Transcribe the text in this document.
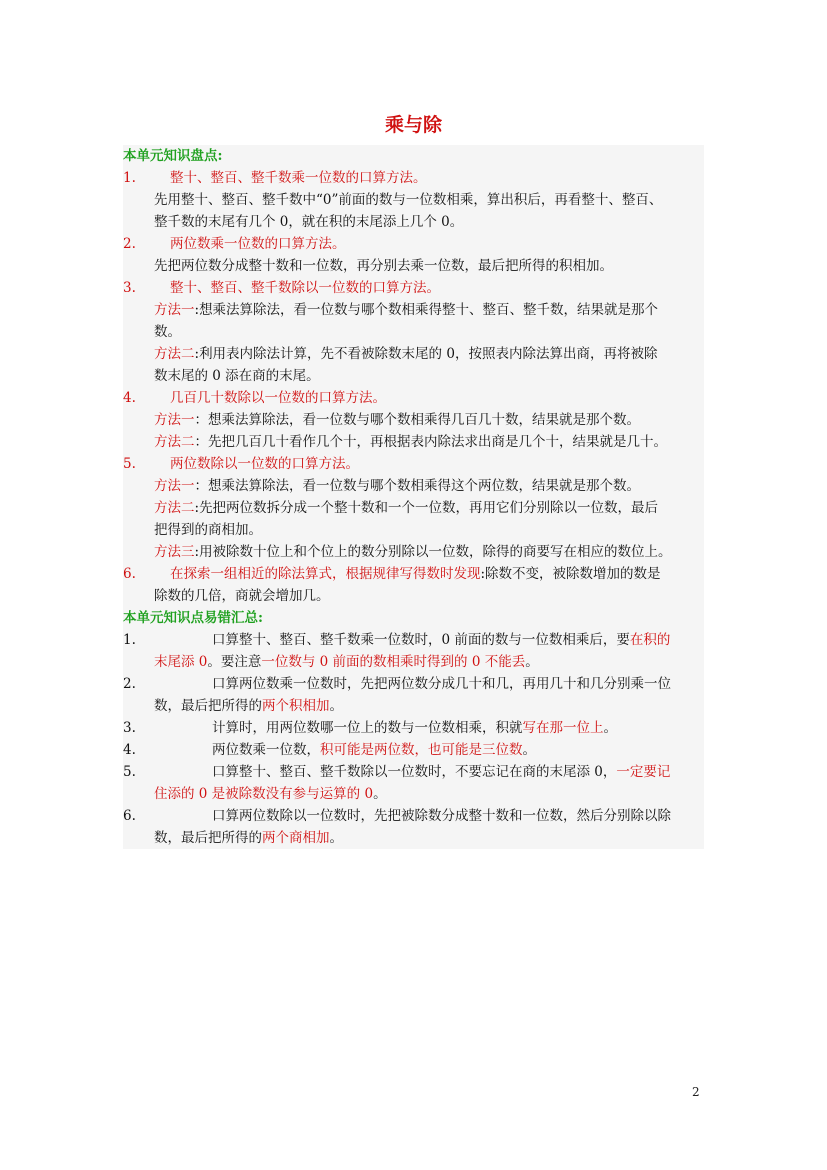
乘与除
本单元知识盘点:
1.	整十、整百、整千数乘一位数的口算方法。
先用整十、整百、整千数中“0”前面的数与一位数相乘，算出积后，再看整十、整百、
整千数的末尾有几个 0，就在积的末尾添上几个 0。
2.	两位数乘一位数的口算方法。
先把两位数分成整十数和一位数，再分别去乘一位数，最后把所得的积相加。
3.	整十、整百、整千数除以一位数的口算方法。
方法一:想乘法算除法，看一位数与哪个数相乘得整十、整百、整千数，结果就是那个
数。
方法二:利用表内除法计算，先不看被除数末尾的 0，按照表内除法算出商，再将被除
数末尾的 0 添在商的末尾。
4.	几百几十数除以一位数的口算方法。
方法一：想乘法算除法，看一位数与哪个数相乘得几百几十数，结果就是那个数。
方法二：先把几百几十看作几个十，再根据表内除法求出商是几个十，结果就是几十。
5.	两位数除以一位数的口算方法。
方法一：想乘法算除法，看一位数与哪个数相乘得这个两位数，结果就是那个数。
方法二:先把两位数拆分成一个整十数和一个一位数，再用它们分别除以一位数，最后
把得到的商相加。
方法三:用被除数十位上和个位上的数分别除以一位数，除得的商要写在相应的数位上。
6.	在探索一组相近的除法算式，根据规律写得数时发现:除数不变，被除数增加的数是
除数的几倍，商就会增加几。
本单元知识点易错汇总:
1.	口算整十、整百、整千数乘一位数时，0 前面的数与一位数相乘后，要在积的
末尾添 0。要注意一位数与 0 前面的数相乘时得到的 0 不能丢。
2.	口算两位数乘一位数时，先把两位数分成几十和几，再用几十和几分别乘一位
数，最后把所得的两个积相加。
3.	计算时，用两位数哪一位上的数与一位数相乘，积就写在那一位上。
4.	两位数乘一位数，积可能是两位数，也可能是三位数。
5.	口算整十、整百、整千数除以一位数时，不要忘记在商的末尾添 0，一定要记
住添的 0 是被除数没有参与运算的 0。
6.	口算两位数除以一位数时，先把被除数分成整十数和一位数，然后分别除以除
数，最后把所得的两个商相加。
2
